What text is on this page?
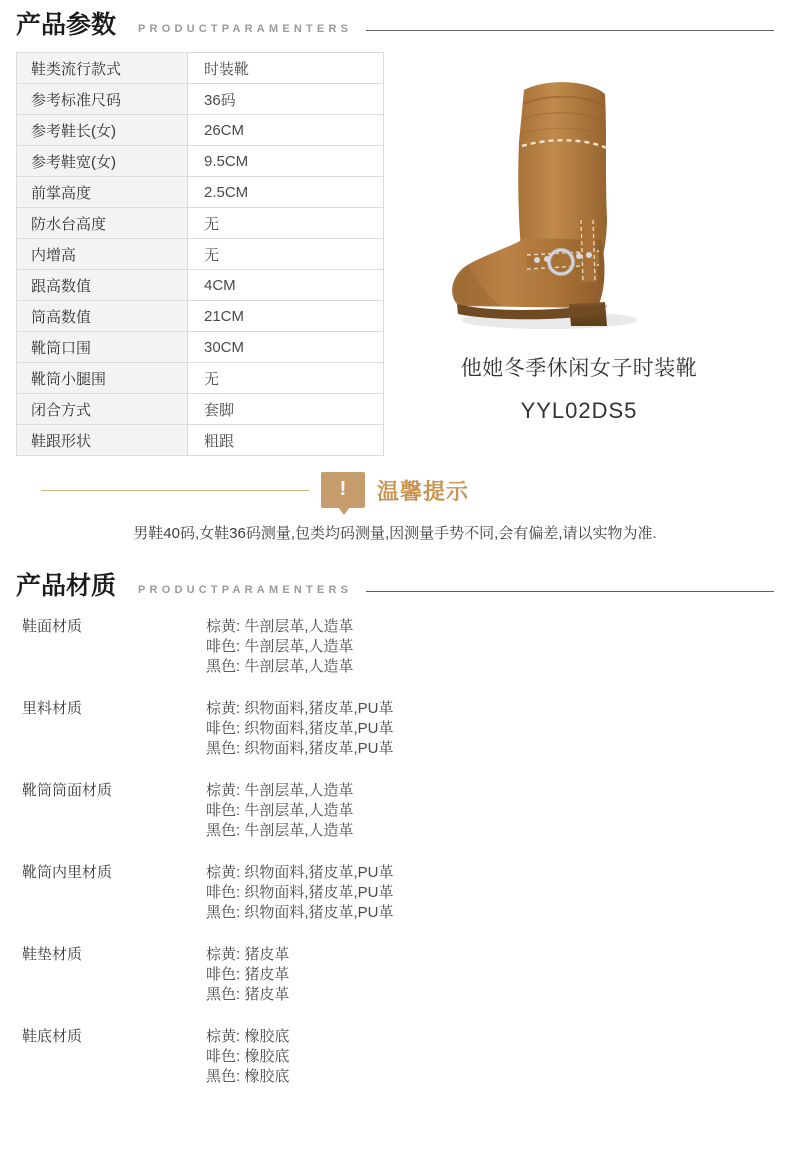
产品参数 PRODUCTPARAMENTERS
鞋类流行款式	时装靴
参考标准尺码	36码
参考鞋长(女)	26CM
参考鞋宽(女)	9.5CM
前掌高度	2.5CM
防水台高度	无
内增高	无
跟高数值	4CM
筒高数值	21CM
靴筒口围	30CM
靴筒小腿围	无
闭合方式	套脚
鞋跟形状	粗跟
他她冬季休闲女子时装靴
YYL02DS5
!	温馨提示
男鞋40码,女鞋36码测量,包类均码测量,因测量手势不同,会有偏差,请以实物为准.
产品材质 PRODUCTPARAMENTERS
鞋面材质	棕黄: 牛剖层革,人造革
啡色: 牛剖层革,人造革
黑色: 牛剖层革,人造革
里料材质	棕黄: 织物面料,猪皮革,PU革
啡色: 织物面料,猪皮革,PU革
黑色: 织物面料,猪皮革,PU革
靴筒筒面材质	棕黄: 牛剖层革,人造革
啡色: 牛剖层革,人造革
黑色: 牛剖层革,人造革
靴筒内里材质	棕黄: 织物面料,猪皮革,PU革
啡色: 织物面料,猪皮革,PU革
黑色: 织物面料,猪皮革,PU革
鞋垫材质	棕黄: 猪皮革
啡色: 猪皮革
黑色: 猪皮革
鞋底材质	棕黄: 橡胶底
啡色: 橡胶底
黑色: 橡胶底
